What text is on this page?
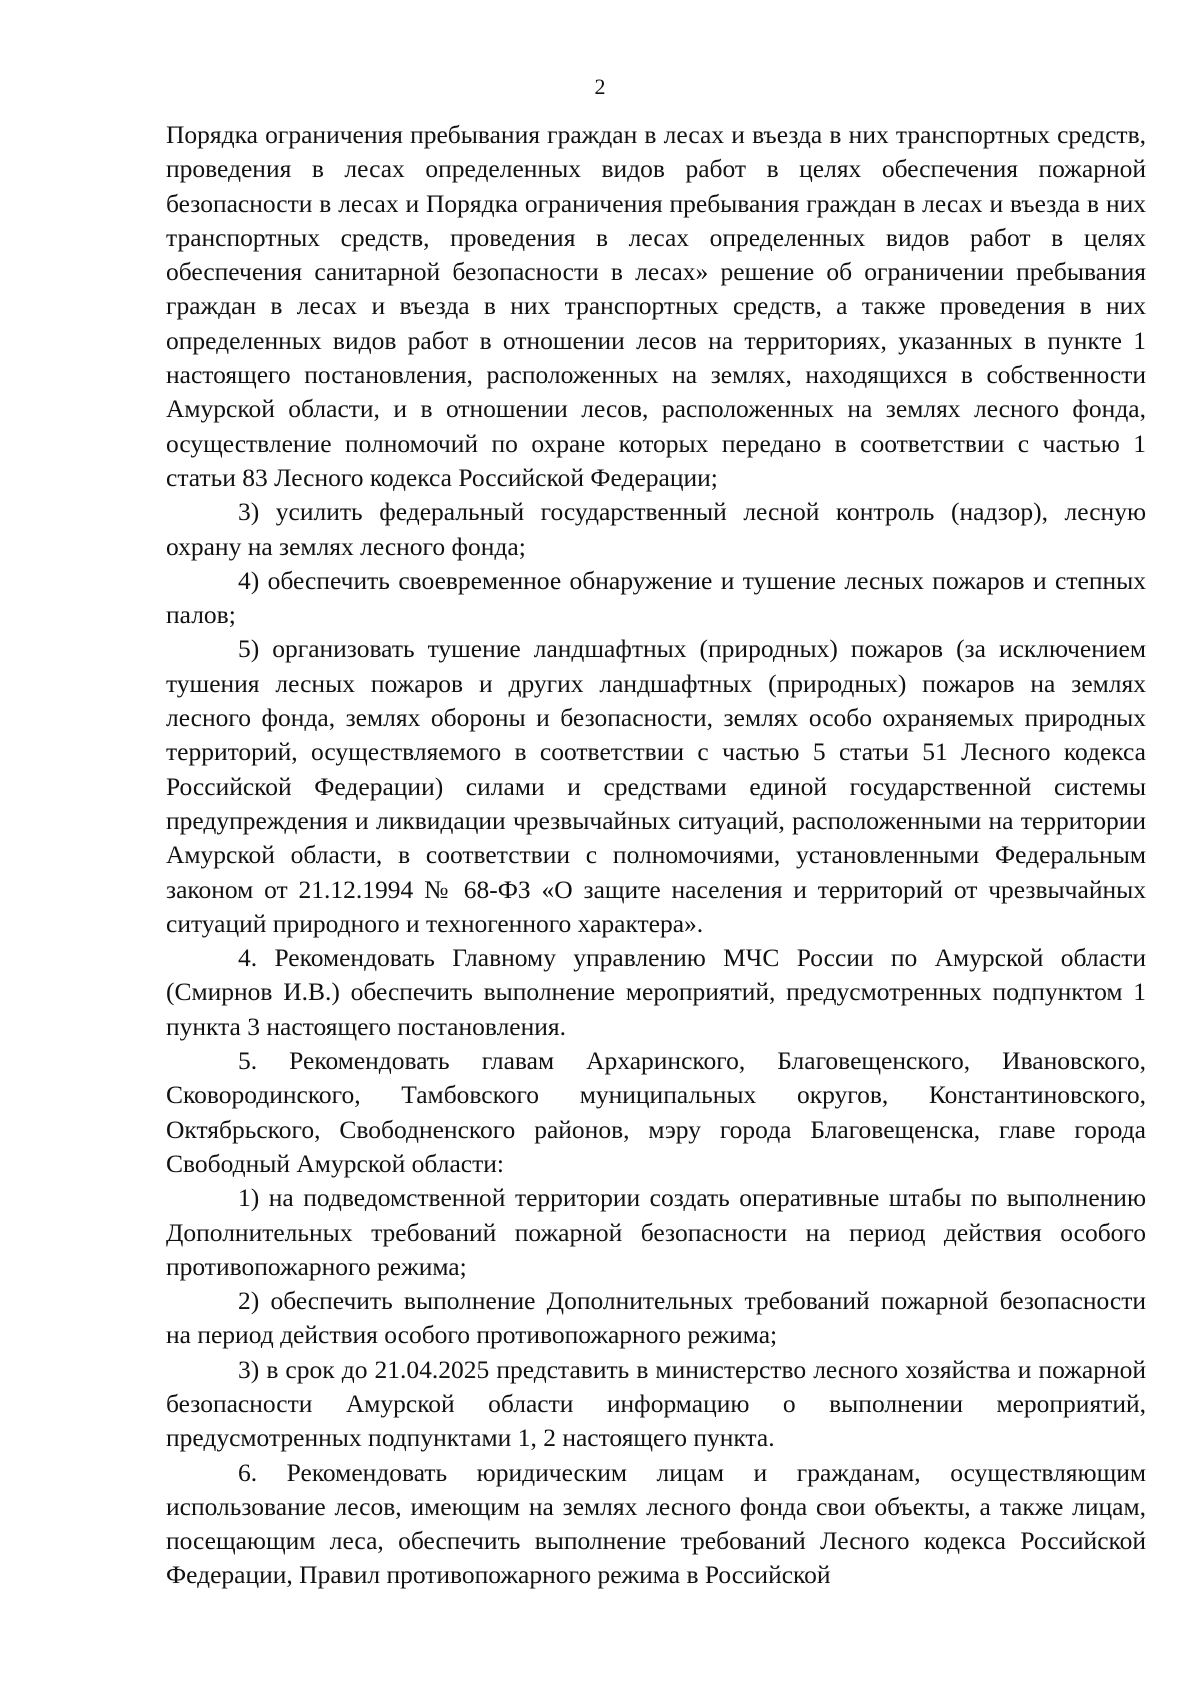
2

Порядка ограничения пребывания граждан в лесах и въезда в них транспортных средств, проведения в лесах определенных видов работ в целях обеспечения пожарной безопасности в лесах и Порядка ограничения пребывания граждан в лесах и въезда в них транспортных средств, проведения в лесах определенных видов работ в целях обеспечения санитарной безопасности в лесах» решение об ограничении пребывания граждан в лесах и въезда в них транспортных средств, а также проведения в них определенных видов работ в отношении лесов на территориях, указанных в пункте 1 настоящего постановления, расположенных на землях, находящихся в собственности Амурской области, и в отношении лесов, расположенных на землях лесного фонда, осуществление полномочий по охране которых передано в соответствии с частью 1 статьи 83 Лесного кодекса Российской Федерации;

3) усилить федеральный государственный лесной контроль (надзор), лесную охрану на землях лесного фонда;

4) обеспечить своевременное обнаружение и тушение лесных пожаров и степных палов;

5) организовать тушение ландшафтных (природных) пожаров (за исключением тушения лесных пожаров и других ландшафтных (природных) пожаров на землях лесного фонда, землях обороны и безопасности, землях особо охраняемых природных территорий, осуществляемого в соответствии с частью 5 статьи 51 Лесного кодекса Российской Федерации) силами и средствами единой государственной системы предупреждения и ликвидации чрезвычайных ситуаций, расположенными на территории Амурской области, в соответствии с полномочиями, установленными Федеральным законом от 21.12.1994 № 68-ФЗ «О защите населения и территорий от чрезвычайных ситуаций природного и техногенного характера».

4. Рекомендовать Главному управлению МЧС России по Амурской области (Смирнов И.В.) обеспечить выполнение мероприятий, предусмотренных подпунктом 1 пункта 3 настоящего постановления.

5. Рекомендовать главам Архаринского, Благовещенского, Ивановского, Сковородинского, Тамбовского муниципальных округов, Константиновского, Октябрьского, Свободненского районов, мэру города Благовещенска, главе города Свободный Амурской области:

1) на подведомственной территории создать оперативные штабы по выполнению Дополнительных требований пожарной безопасности на период действия особого противопожарного режима;

2) обеспечить выполнение Дополнительных требований пожарной безопасности на период действия особого противопожарного режима;

3) в срок до 21.04.2025 представить в министерство лесного хозяйства и пожарной безопасности Амурской области информацию о выполнении мероприятий, предусмотренных подпунктами 1, 2 настоящего пункта.

6. Рекомендовать юридическим лицам и гражданам, осуществляющим использование лесов, имеющим на землях лесного фонда свои объекты, а также лицам, посещающим леса, обеспечить выполнение требований Лесного кодекса Российской Федерации, Правил противопожарного режима в Российской
